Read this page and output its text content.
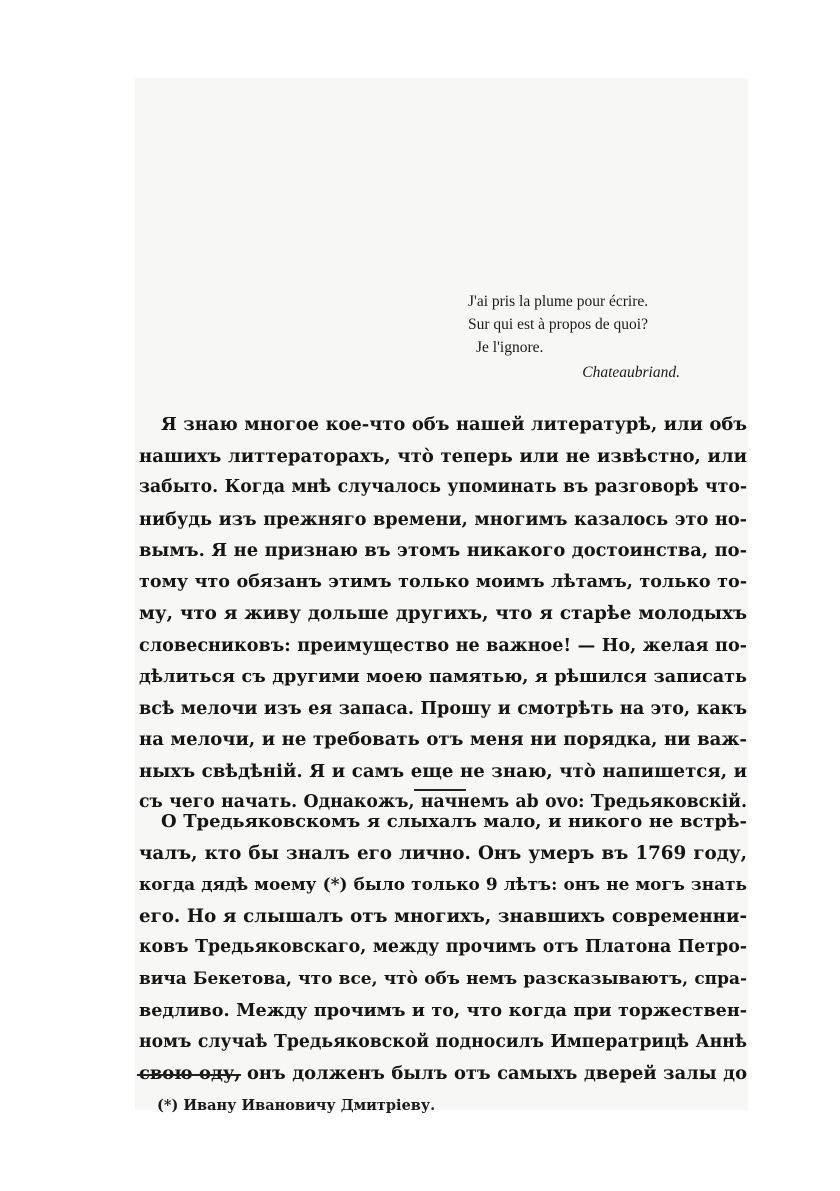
J'ai pris la plume pour écrire.
Sur qui est à propos de quoi?
Je l'ignore.
Chateaubriand.
Я знаю многое кое-что объ нашей литературѣ, или объ
нашихъ литтераторахъ, чтò теперь или не извѣстно, или
забыто. Когда мнѣ случалось упоминать въ разговорѣ что-
нибудь изъ прежняго времени, многимъ казалось это но-
вымъ. Я не признаю въ этомъ никакого достоинства, по-
тому что обязанъ этимъ только моимъ лѣтамъ, только то-
му, что я живу дольше другихъ, что я старѣе молодыхъ
словесниковъ: преимущество не важное! — Но, желая по-
дѣлиться съ другими моею памятью, я рѣшился записать
всѣ мелочи изъ ея запаса. Прошу и смотрѣть на это, какъ
на мелочи, и не требовать отъ меня ни порядка, ни важ-
ныхъ свѣдѣній. Я и самъ еще не знаю, чтò напишется, и
съ чего начать. Однакожъ, начнемъ ab ovo: Тредьяковскій.
О Тредьяковскомъ я слыхалъ мало, и никого не встрѣ-
чалъ, кто бы зналъ его лично. Онъ умеръ въ 1769 году,
когда дядѣ моему (*) было только 9 лѣтъ: онъ не могъ знать
его. Но я слышалъ отъ многихъ, знавшихъ современни-
ковъ Тредьяковскаго, между прочимъ отъ Платона Петро-
вича Бекетова, что все, чтò объ немъ разсказываютъ, спра-
ведливо. Между прочимъ и то, что когда при торжествен-
номъ случаѣ Тредьяковской подносилъ Императрицѣ Аннѣ
свою оду, онъ долженъ былъ отъ самыхъ дверей залы до
(*) Ивану Ивановичу Дмитріеву.
